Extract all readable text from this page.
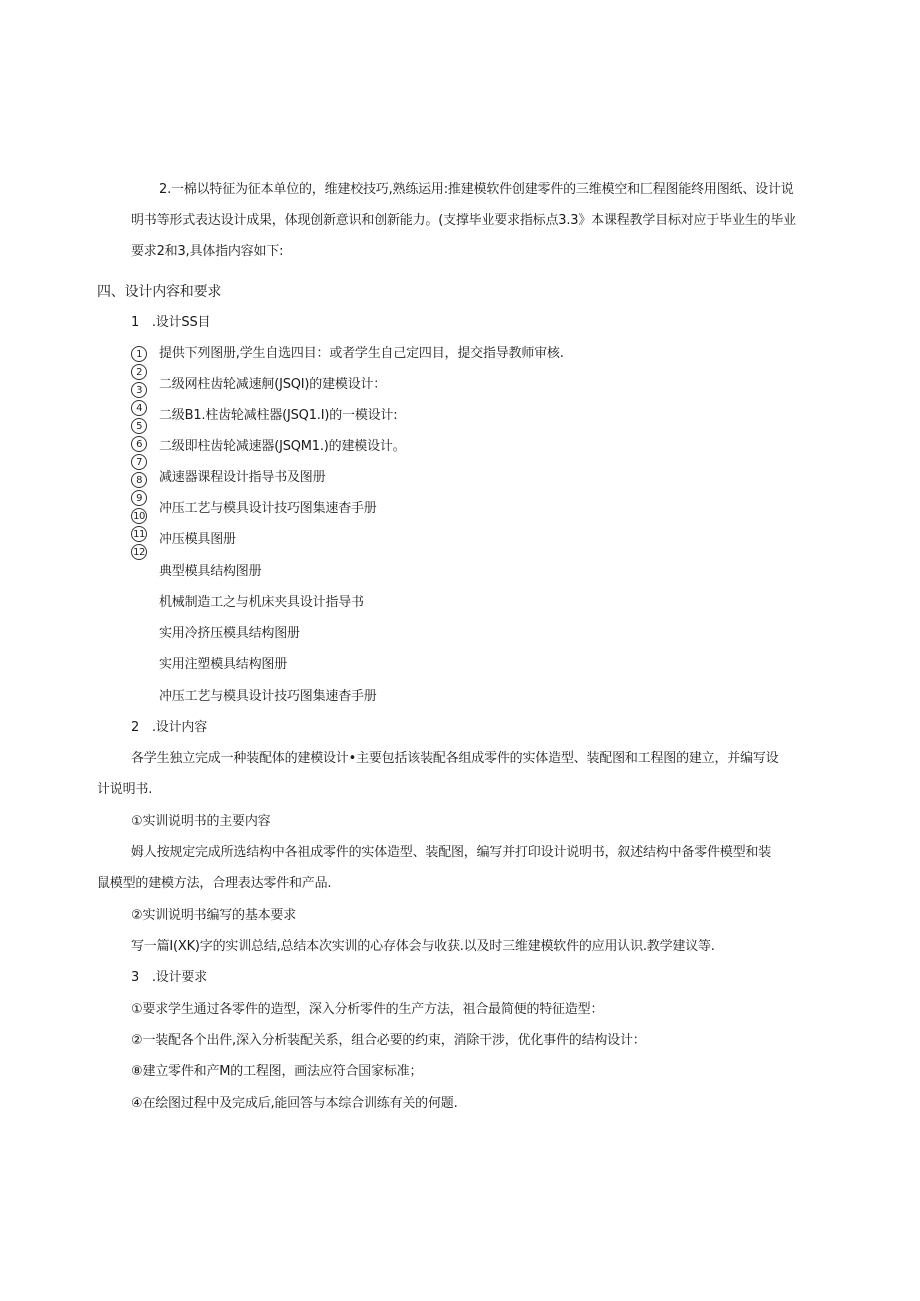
2.一棉以特征为征本单位的，维建校技巧,熟练运用:推建模软件创建零件的三维模空和匚程图能终用图纸、设计说
明书等形式表达设计成果，体现创新意识和创新能力。(支撑毕业要求指标点3.3》本课程教学目标对应于毕业生的毕业
要求2和3,具体指内容如下:
四、设计内容和要求
1　.设计SS目
1
2
3
4
5
6
7
8
9
10
11
12
提供下列图册,学生自选四目：或者学生自己定四目，提交指导教师审核.
二级网柱齿轮减速舸(JSQI)的建模设计：
二级B1.柱齿轮减柱器(JSQ1.I)的一模设计:
二级即柱齿轮减速器(JSQM1.)的建模设计。
减速器课程设计指导书及图册
冲压工艺与模具设计技巧图集速杳手册
冲压模具图册
典型模具结构图册
机械制造工之与机床夹具设计指导书
实用冷挤压模具结构图册
实用注塑模具结构图册
冲压工艺与模具设计技巧图集速杳手册
2　.设计内容
各学生独立完成一种装配体的建模设计•主要包括该装配各组成零件的实体造型、装配图和工程图的建立，并编写设
计说明书.
①实训说明书的主要内容
姆人按规定完成所选结构中各祖成零件的实体造型、装配图，编写并打印设计说明书，叙述结构中备零件模型和装
鼠模型的建模方法，合理表达零件和产品.
②实训说明书编写的基本要求
写一篇I(XK)字的实训总结,总结本次实训的心存体会与收获.以及时三维建模软件的应用认识.教学建议等.
3　.设计要求
①要求学生通过各零件的造型，深入分析零件的生产方法，祖合最简便的特征造型：
②一装配各个出件,深入分析装配关系，组合必要的约束，消除干涉，优化事件的结构设计：
⑧建立零件和产M的工程图，画法应符合国家标准；
④在绘图过程中及完成后,能回答与本综合训练有关的何题.
